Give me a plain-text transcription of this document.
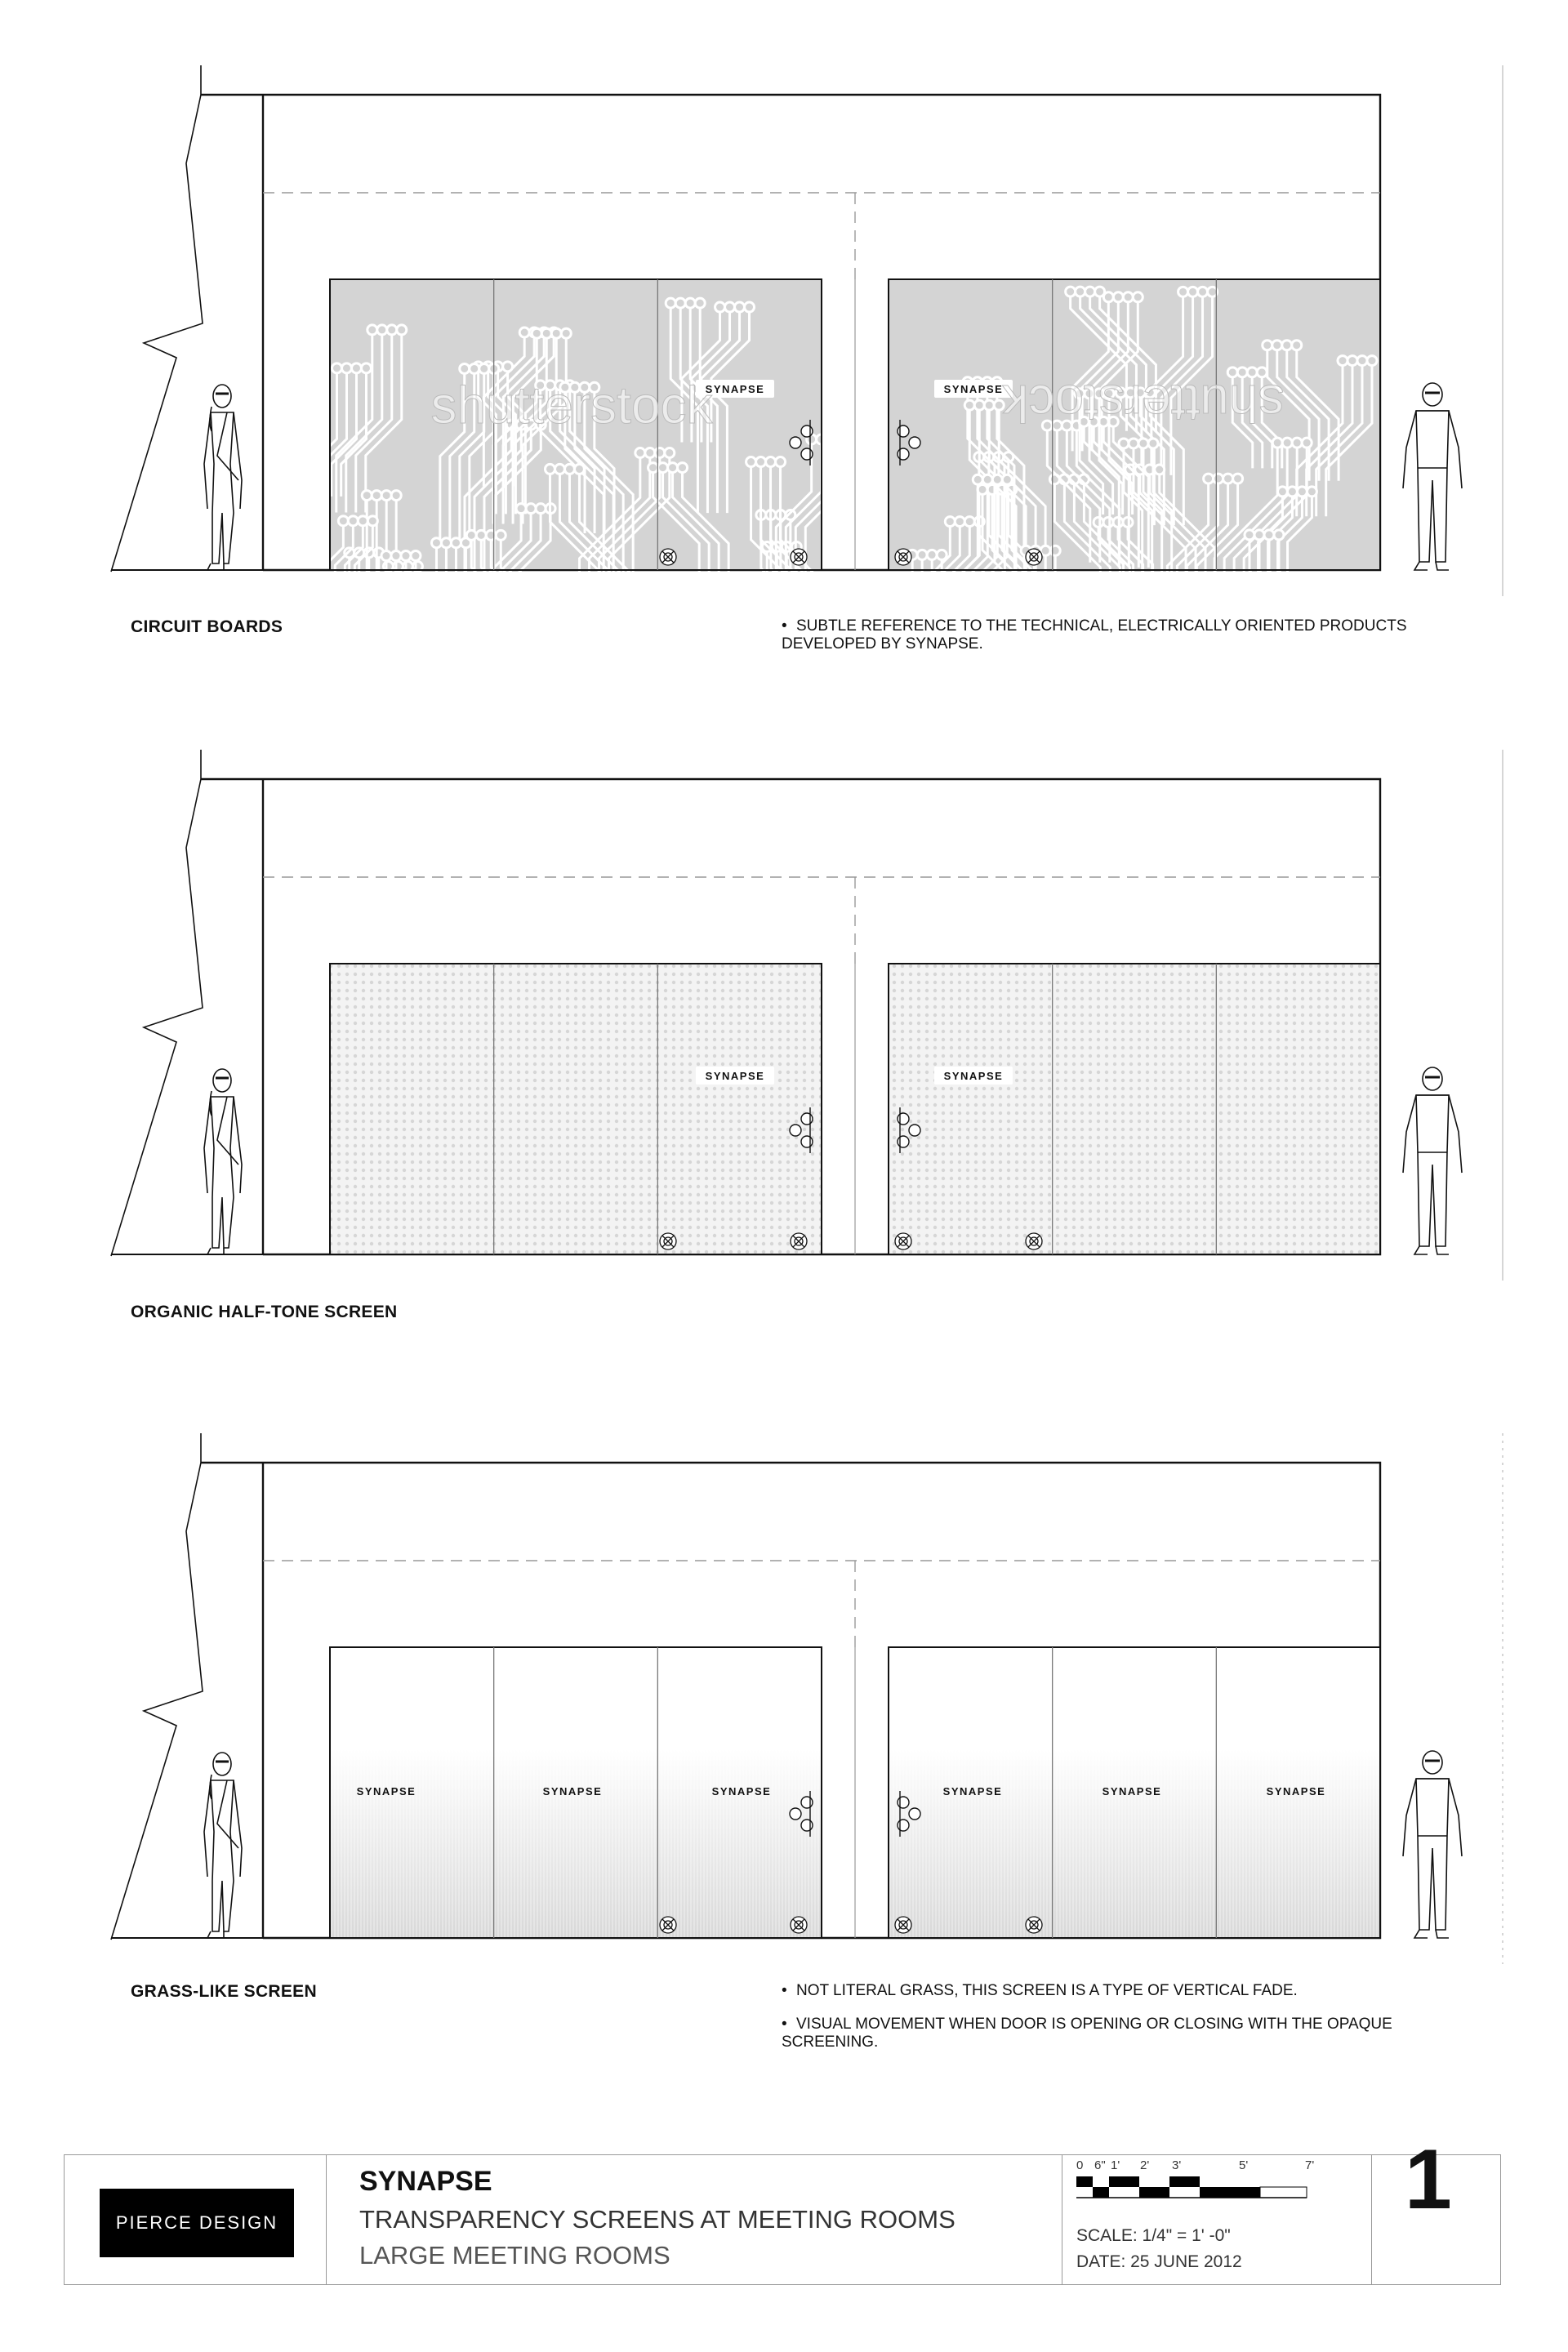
SYNAPSE	SYNAPSE
shutterstock	shutterstock
SYNAPSE	SYNAPSE
SYNAPSE	SYNAPSE	SYNAPSE	SYNAPSE	SYNAPSE	SYNAPSE
CIRCUIT BOARDS	• SUBTLE REFERENCE TO THE TECHNICAL, ELECTRICALLY ORIENTED PRODUCTS DEVELOPED BY SYNAPSE.
ORGANIC HALF-TONE SCREEN
GRASS-LIKE SCREEN	• NOT LITERAL GRASS, THIS SCREEN IS A TYPE OF VERTICAL FADE.
• VISUAL MOVEMENT WHEN DOOR IS OPENING OR CLOSING WITH THE OPAQUE SCREENING.
PIERCE DESIGN
SYNAPSE
TRANSPARENCY SCREENS AT MEETING ROOMS
LARGE MEETING ROOMS
0 6" 1' 2' 3'	5'	7'
SCALE: 1/4" = 1' -0"
DATE: 25 JUNE 2012
1
